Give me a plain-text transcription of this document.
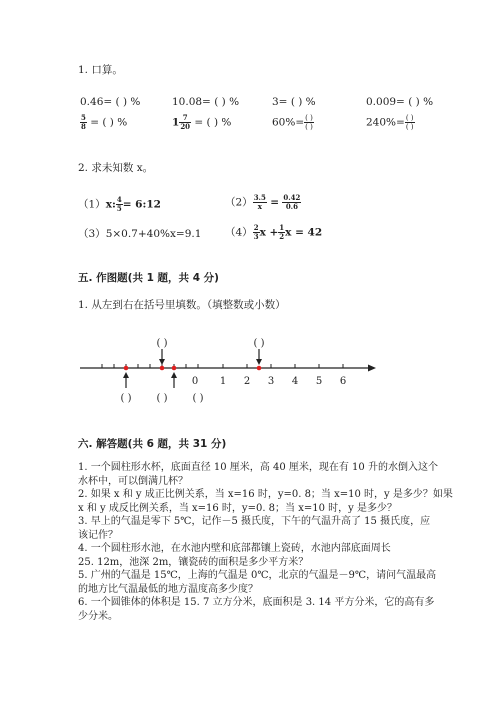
1. 口算。
0.46= ( ) %	10.08= ( ) %	3= ( ) %	0.009= ( ) %
$\frac{5}{8}$ = ( ) %	$1 \frac{7}{20}$ = ( ) %	$60\%= \frac{( )}{( )}$	$240\%= \frac{( )}{( )}$
2. 求未知数 x。
（1）x: $\frac{4}{5}$ = 6:12	$(2) \frac{3.5}{x} = \frac{0.42}{0.6}$
（3）5×0.7+40%x=9.1 $(4) \frac{2}{3}$ $x + \frac{1}{2}$ x = 42
五. 作图题(共 1 题，共 4 分)
1. 从左到右在括号里填数。（填整数或小数）
0 1 2 3 4 5 6
( )	( )
( )	( )	( )
六. 解答题(共 6 题，共 31 分)
1. 一个圆柱形水杯，底面直径 10 厘米，高 40 厘米，现在有 10 升的水倒入这个
水杯中，可以倒满几杯？
2. 如果 x 和 y 成正比例关系，当 x=16 时，y=0. 8；当 x=10 时，y 是多少？如果
x 和 y 成反比例关系，当 x=16 时，y=0. 8；当 x=10 时，y 是多少？
3. 早上的气温是零下 5℃，记作－5 摄氏度，下午的气温升高了 15 摄氏度，应
该记作？
4. 一个圆柱形水池，在水池内壁和底部都镶上瓷砖，水池内部底面周长
25. 12m，池深 2m，镶瓷砖的面积是多少平方米？
5. 广州的气温是 15℃，上海的气温是 0℃，北京的气温是－9℃，请问气温最高
的地方比气温最低的地方温度高多少度？
6. 一个圆锥体的体积是 15. 7 立方分米，底面积是 3. 14 平方分米，它的高有多
少分米。
